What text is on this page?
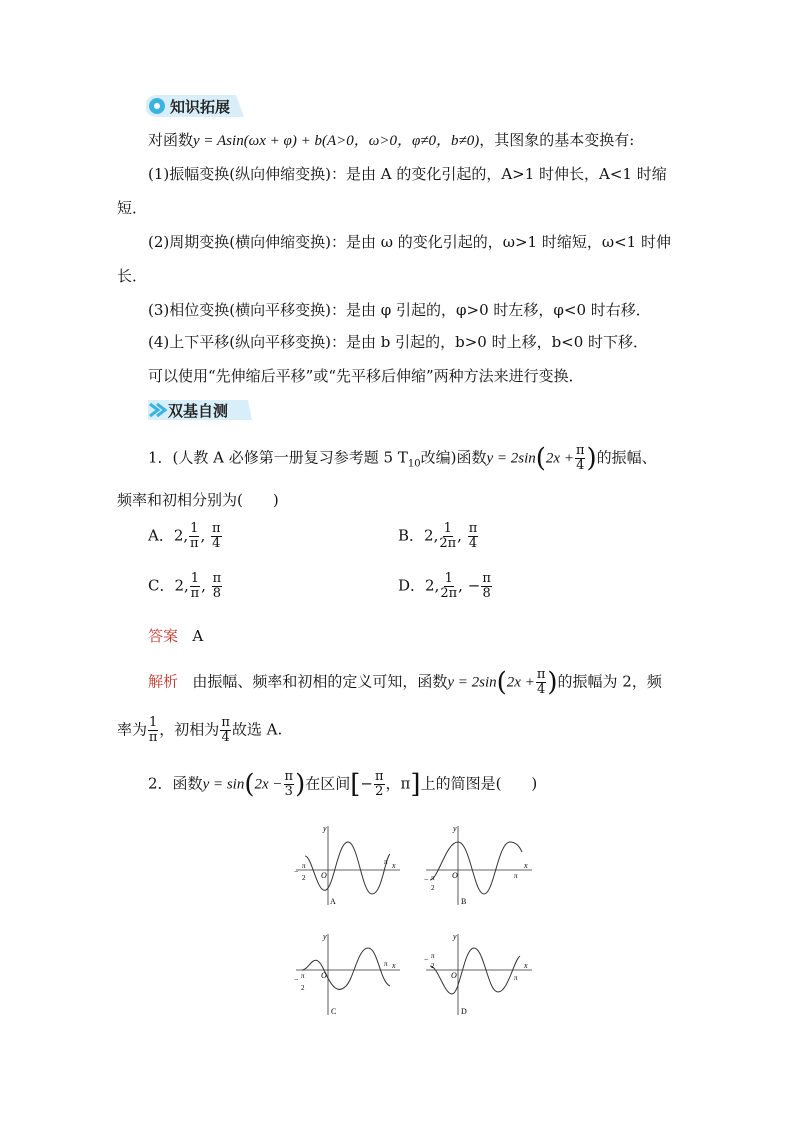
知识拓展
对函数y = Asin(ωx + φ) + b(A>0，ω>0，φ≠0，b≠0)，其图象的基本变换有:
(1)振幅变换(纵向伸缩变换)：是由 A 的变化引起的，A>1 时伸长，A<1 时缩
短．
(2)周期变换(横向伸缩变换)：是由 ω 的变化引起的，ω>1 时缩短，ω<1 时伸
长．
(3)相位变换(横向平移变换)：是由 φ 引起的，φ>0 时左移，φ<0 时右移．
(4)上下平移(纵向平移变换)：是由 b 引起的，b>0 时上移，b<0 时下移．
可以使用“先伸缩后平移”或“先平移后伸缩”两种方法来进行变换．
双基自测
1．(人教 A 必修第一册复习参考题 5 $T_{10}$改编)函数$y = 2\sin(2x + \frac{\pi}{4}$ )的振幅、
频率和初相分别为(　　)
A．2, $\frac{1}{\pi}$ , $\frac{\pi}{4}$	B．2, $\frac{1}{2\pi}$ , $\frac{\pi}{4}$
C．2, $\frac{1}{\pi}$ , $\frac{\pi}{8}$	D．2, $\frac{1}{2\pi}$ , − $\frac{\pi}{8}$
答案 A
解析 由振幅、频率和初相的定义可知，函数$y = 2\sin(2x + \frac{\pi}{4}$ )的振幅为 2，频
率为 $\frac{1}{\pi}$ ，初相为 $\frac{\pi}{4}$ 故选 A.
2．函数$y = \sin(2x - \frac{\pi}{3}$ )在区间[− $\frac{\pi}{2}$ ，π]上的简图是(　　)
y
x
O
−
π
2
π
A
y
x
O
− π
2
π
B
y
x
O
− π
2
π
C
y
x
O
− π
2
π
D
